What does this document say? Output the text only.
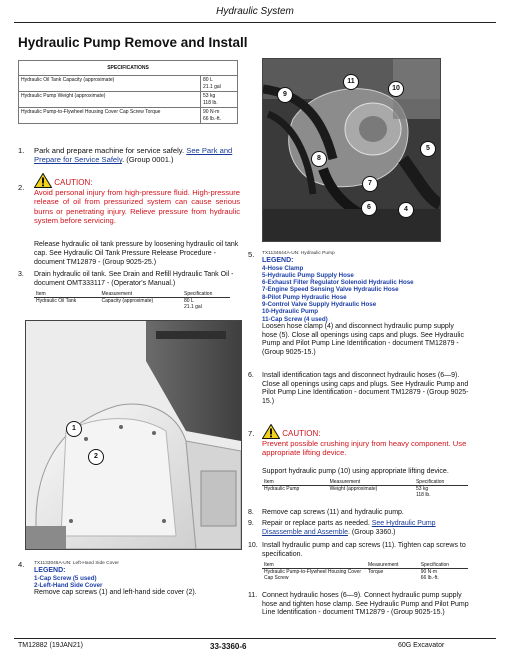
Hydraulic System
Hydraulic Pump Remove and Install
SPECIFICATIONS	
Hydraulic Oil Tank Capacity (approximate)	80 L
21.1 gal
Hydraulic Pump Weight (approximate)	53 kg
118 lb.
Hydraulic Pump-to-Flywheel Housing Cover Cap Screw Torque	90 N·m
66 lb.-ft.
1.	Park and prepare machine for service safely. See Park and Prepare for Service Safely. (Group 0001.)
2.
CAUTION:
Avoid personal injury from high-pressure fluid. High-pressure release of oil from pressurized system can cause serious burns or penetrating injury. Relieve pressure from hydraulic system before servicing.
Release hydraulic oil tank pressure by loosening hydraulic oil tank cap. See Hydraulic Oil Tank Pressure Release Procedure - document TM12879 - (Group 9025-25.)
3.	Drain hydraulic oil tank. See Drain and Refill Hydraulic Tank Oil - document OMT333117 - (Operator's Manual.)
Item	Measurement	Specification
Hydraulic Oil Tank	Capacity (approximate)	80 L
21.1 gal
1
2
4. TX1133046A-UN: Left-Hand Side Cover
LEGEND:
1-Cap Screw (5 used)
2-Left-Hand Side Cover
Remove cap screws (1) and left-hand side cover (2).
11
10
9
8
7
6
5
4
5. TX1134644A-UN: Hydraulic Pump
LEGEND:
4-Hose Clamp
5-Hydraulic Pump Supply Hose
6-Exhaust Filter Regulator Solenoid Hydraulic Hose
7-Engine Speed Sensing Valve Hydraulic Hose
8-Pilot Pump Hydraulic Hose
9-Control Valve Supply Hydraulic Hose
10-Hydraulic Pump
11-Cap Screw (4 used)
Loosen hose clamp (4) and disconnect hydraulic pump supply hose (5). Close all openings using caps and plugs. See Hydraulic Pump and Pilot Pump Line Identification - document TM12879 - (Group 9025-15.)
6.	Install identification tags and disconnect hydraulic hoses (6—9). Close all openings using caps and plugs. See Hydraulic Pump and Pilot Pump Line Identification - document TM12879 - (Group 9025-15.)
7.	CAUTION:
Prevent possible crushing injury from heavy component. Use appropriate lifting device.
Support hydraulic pump (10) using appropriate lifting device.
Item	Measurement	Specification
Hydraulic Pump	Weight (approximate)	53 kg
118 lb.
8.	Remove cap screws (11) and hydraulic pump.
9.	Repair or replace parts as needed. See Hydraulic Pump Disassemble and Assemble. (Group 3360.)
10. Install hydraulic pump and cap screws (11). Tighten cap screws to specification.
Item	Measurement	Specification
Hydraulic Pump-to-Flywheel Housing Cover Cap Screw	Torque	90 N·m
66 lb.-ft.
11. Connect hydraulic hoses (6—9). Connect hydraulic pump supply hose and tighten hose clamp. See Hydraulic Pump and Pilot Pump Line Identification - document TM12879 - (Group 9025-15.)
TM12882 (19JAN21)	33-3360-6	60G Excavator
